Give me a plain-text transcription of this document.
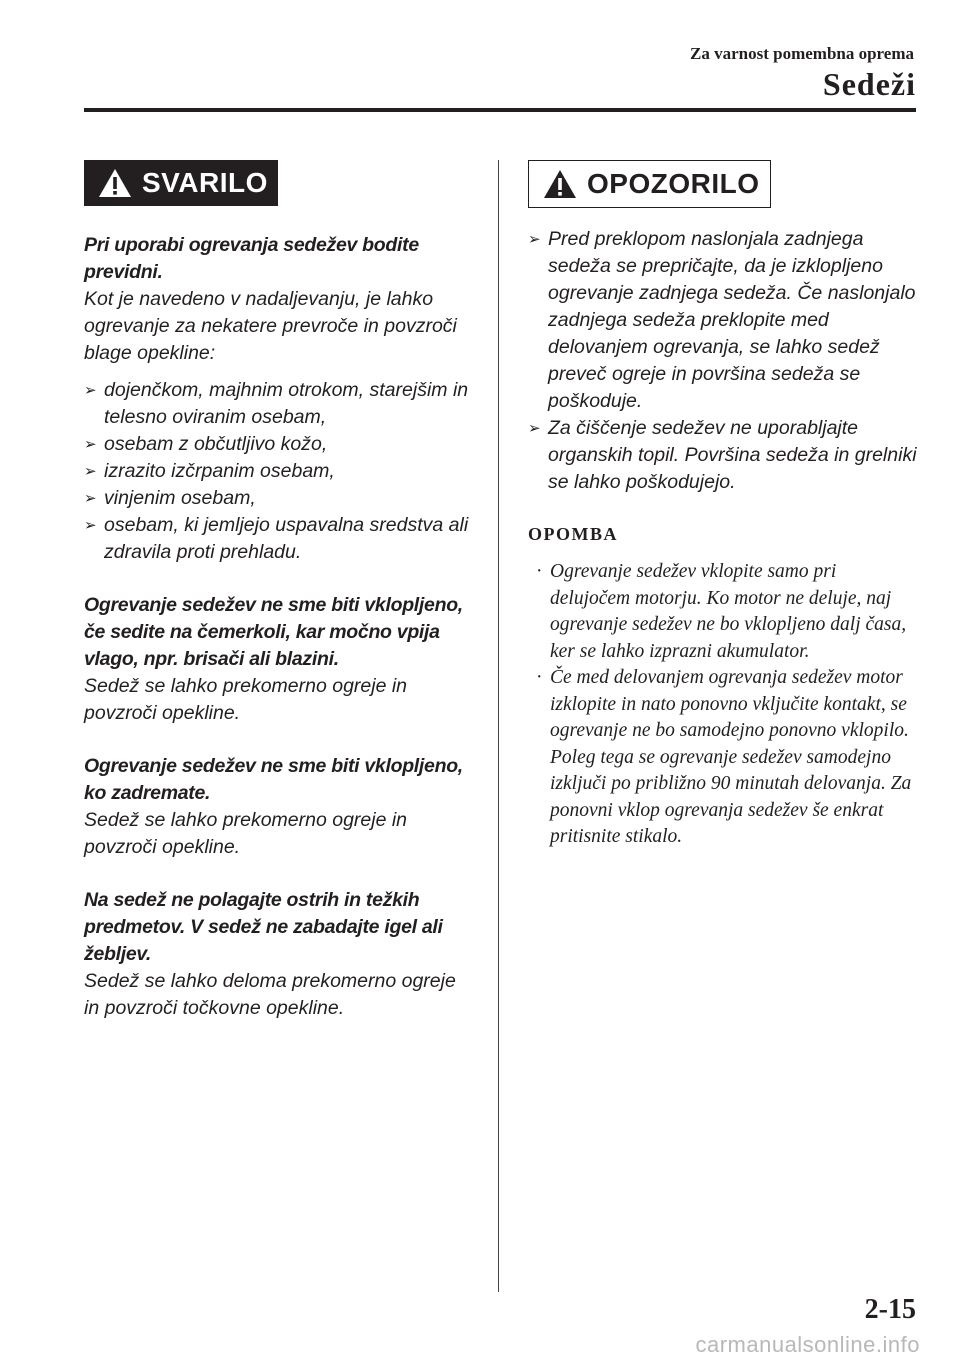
Za varnost pomembna oprema
Sedeži
SVARILO

Pri uporabi ogrevanja sedežev bodite previdni.

Kot je navedeno v nadaljevanju, je lahko ogrevanje za nekatere prevroče in povzroči blage opekline:

➢ dojenčkom, majhnim otrokom, starejšim in telesno oviranim osebam,
➢ osebam z občutljivo kožo,
➢ izrazito izčrpanim osebam,
➢ vinjenim osebam,
➢ osebam, ki jemljejo uspavalna sredstva ali zdravila proti prehladu.

Ogrevanje sedežev ne sme biti vklopljeno, če sedite na čemerkoli, kar močno vpija vlago, npr. brisači ali blazini.

Sedež se lahko prekomerno ogreje in povzroči opekline.

Ogrevanje sedežev ne sme biti vklopljeno, ko zadremate.

Sedež se lahko prekomerno ogreje in povzroči opekline.

Na sedež ne polagajte ostrih in težkih predmetov. V sedež ne zabadajte igel ali žebljev.

Sedež se lahko deloma prekomerno ogreje in povzroči točkovne opekline.

OPOZORILO
➢ Pred preklopom naslonjala zadnjega sedeža se prepričajte, da je izklopljeno ogrevanje zadnjega sedeža. Če naslonjalo zadnjega sedeža preklopite med delovanjem ogrevanja, se lahko sedež preveč ogreje in površina sedeža se poškoduje.
➢ Za čiščenje sedežev ne uporabljajte organskih topil. Površina sedeža in grelniki se lahko poškodujejo.

OPOMBA

· Ogrevanje sedežev vklopite samo pri delujočem motorju. Ko motor ne deluje, naj ogrevanje sedežev ne bo vklopljeno dalj časa, ker se lahko izprazni akumulator.
· Če med delovanjem ogrevanja sedežev motor izklopite in nato ponovno vključite kontakt, se ogrevanje ne bo samodejno ponovno vklopilo. Poleg tega se ogrevanje sedežev samodejno izključi po približno 90 minutah delovanja. Za ponovni vklop ogrevanja sedežev še enkrat pritisnite stikalo.
2-15
carmanualsonline.info
